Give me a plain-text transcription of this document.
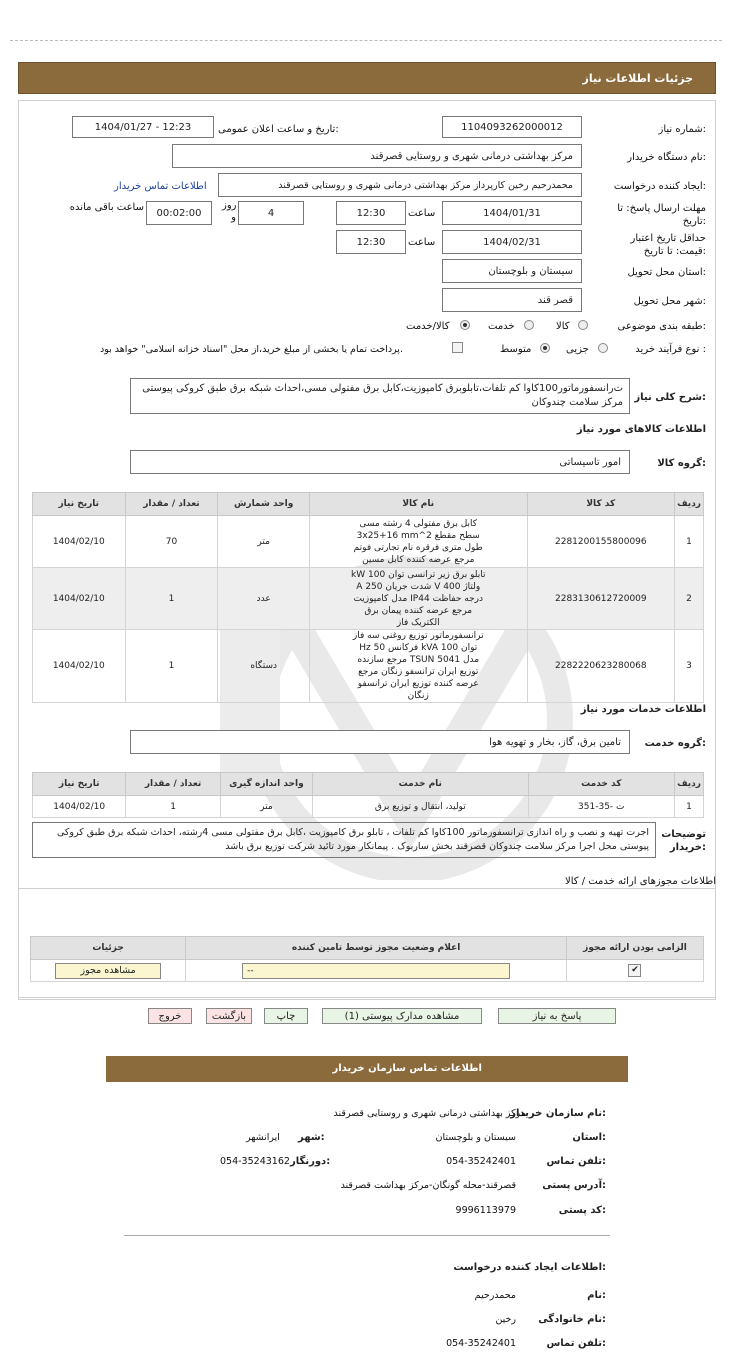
جزئیات اطلاعات نیاز
شماره نیاز:
1104093262000012
تاریخ و ساعت اعلان عمومی:
1404/01/27 - 12:23
نام دستگاه خریدار:
مرکز بهداشتی درمانی شهری و روستایی قصرقند
ایجاد کننده درخواست:
محمدرحیم رخین کارپرداز مرکز بهداشتی درمانی شهری و روستایی قصرقند
اطلاعات تماس خریدار
مهلت ارسال پاسخ: تا تاریخ:
1404/01/31
ساعت
12:30
4
روز و
00:02:00
ساعت باقی مانده
حداقل تاریخ اعتبار قیمت: تا تاریخ:
1404/02/31
ساعت
12:30
استان محل تحویل:
سیستان و بلوچستان
شهر محل تحویل:
قصر قند
طبقه بندی موضوعی:
کالا
خدمت
کالا/خدمت
نوع فرآیند خرید :
جزیی
متوسط
پرداخت تمام یا بخشی از مبلغ خرید،از محل "اسناد خزانه اسلامی" خواهد بود.
شرح کلی نیاز:
ت‌رانسفورماتور100کاوا کم تلفات،تابلوبرق کامپوزیت،کابل برق مفتولی مسی،احداث شبکه برق طبق کروکی پیوستی مرکز سلامت چندوکان
اطلاعات کالاهای مورد نیاز
گروه کالا:
امور تاسیساتی
تاریخ نیاز	تعداد / مقدار	واحد شمارش	نام کالا	کد کالا	ردیف
1404/02/10	70	متر	کابل برق مفتولی 4 رشته مسی سطح مقطع 3x25+16 mm^2 طول متری فرقره نام تجارتی فوتم مرجع عرضه کننده کابل مسین	2281200155800096	1
1404/02/10	1	عدد	تابلو برق زیر ترانسی توان 100 kW ولتاژ 400 V شدت جریان 250 A درجه حفاظت IP44 مدل کامپوزیت مرجع عرضه کننده پیمان برق الکتریک فاز	2283130612720009	2
1404/02/10	1	دستگاه	ترانسفورماتور توزیع روغنی سه فاز توان 100 kVA فرکانس 50 Hz مدل TSUN 5041 مرجع سازنده توزیع ایران ترانسفو زنگان مرجع عرضه کننده توزیع ایران ترانسفو زنگان	2282220623280068	3
اطلاعات خدمات مورد نیاز
گروه خدمت:
تامین برق، گاز، بخار و تهویه هوا
تاریخ نیاز	تعداد / مقدار	واحد اندازه گیری	نام خدمت	کد خدمت	ردیف
1404/02/10	1	متر	تولید، انتقال و توزیع برق	ت -35-351	1
توضیحات خریدار:
اجرت تهیه و نصب و راه اندازی ترانسفورماتور 100کاوا کم تلفات ، تابلو برق کامپوزیت ،کابل برق مفتولی مسی 4رشته، احداث شبکه برق طبق کروکی پیوستی محل اجرا مرکز سلامت چندوکان قصرقند بخش ساربوک . پیمانکار مورد تائید شرکت توزیع برق باشد
اطلاعات مجوزهای ارائه خدمت / کالا
جزئیات	اعلام وضعیت مجوز توسط تامین کننده	الزامی بودن ارائه مجوز

مشاهده مجوز	--	✔
پاسخ به نیاز
مشاهده مدارک پیوستی (1)
چاپ
بازگشت
خروج
اطلاعات تماس سازمان خریدار
نام سازمان خریدار:
مرکز بهداشتی درمانی شهری و روستایی قصرقند
استان:
سیستان و بلوچستان
شهر:
ایرانشهر
تلفن تماس:
054-35242401
دورنگار:
054-35243162
آدرس پستی:
قصرقند-محله گونگان-مرکز بهداشت قصرقند
کد پستی:
9996113979
اطلاعات ایجاد کننده درخواست:
نام:
محمدرحیم
نام خانوادگی:
رخین
تلفن تماس:
054-35242401
